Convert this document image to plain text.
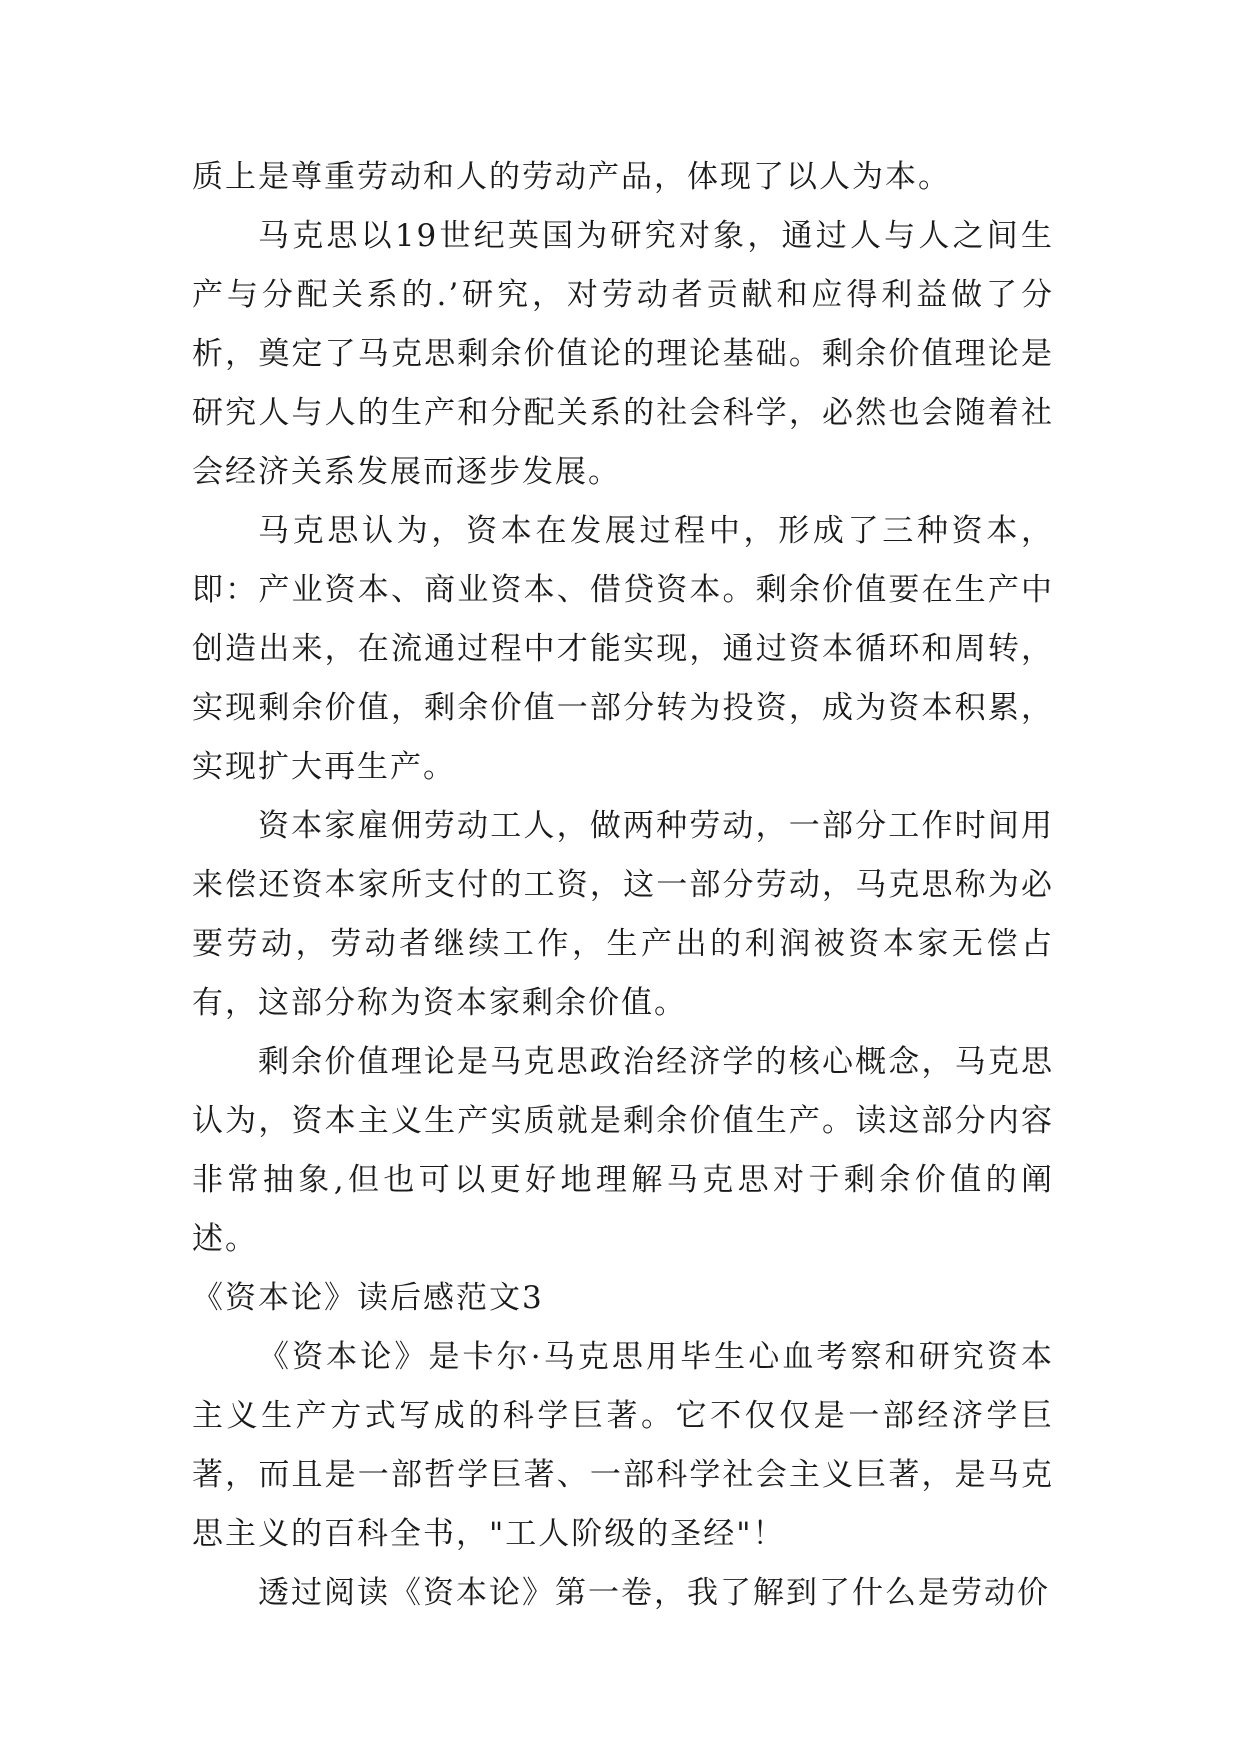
质上是尊重劳动和人的劳动产品，体现了以人为本。

马克思以19世纪英国为研究对象，通过人与人之间生产与分配关系的.’研究，对劳动者贡献和应得利益做了分析，奠定了马克思剩余价值论的理论基础。剩余价值理论是研究人与人的生产和分配关系的社会科学，必然也会随着社会经济关系发展而逐步发展。

马克思认为，资本在发展过程中，形成了三种资本，即：产业资本、商业资本、借贷资本。剩余价值要在生产中创造出来，在流通过程中才能实现，通过资本循环和周转，实现剩余价值，剩余价值一部分转为投资，成为资本积累，实现扩大再生产。

资本家雇佣劳动工人，做两种劳动，一部分工作时间用来偿还资本家所支付的工资，这一部分劳动，马克思称为必要劳动，劳动者继续工作，生产出的利润被资本家无偿占有，这部分称为资本家剩余价值。

剩余价值理论是马克思政治经济学的核心概念，马克思认为，资本主义生产实质就是剩余价值生产。读这部分内容非常抽象,但也可以更好地理解马克思对于剩余价值的阐述。

《资本论》读后感范文3

《资本论》是卡尔·马克思用毕生心血考察和研究资本主义生产方式写成的科学巨著。它不仅仅是一部经济学巨著，而且是一部哲学巨著、一部科学社会主义巨著，是马克思主义的百科全书，"工人阶级的圣经"！

透过阅读《资本论》第一卷，我了解到了什么是劳动价
